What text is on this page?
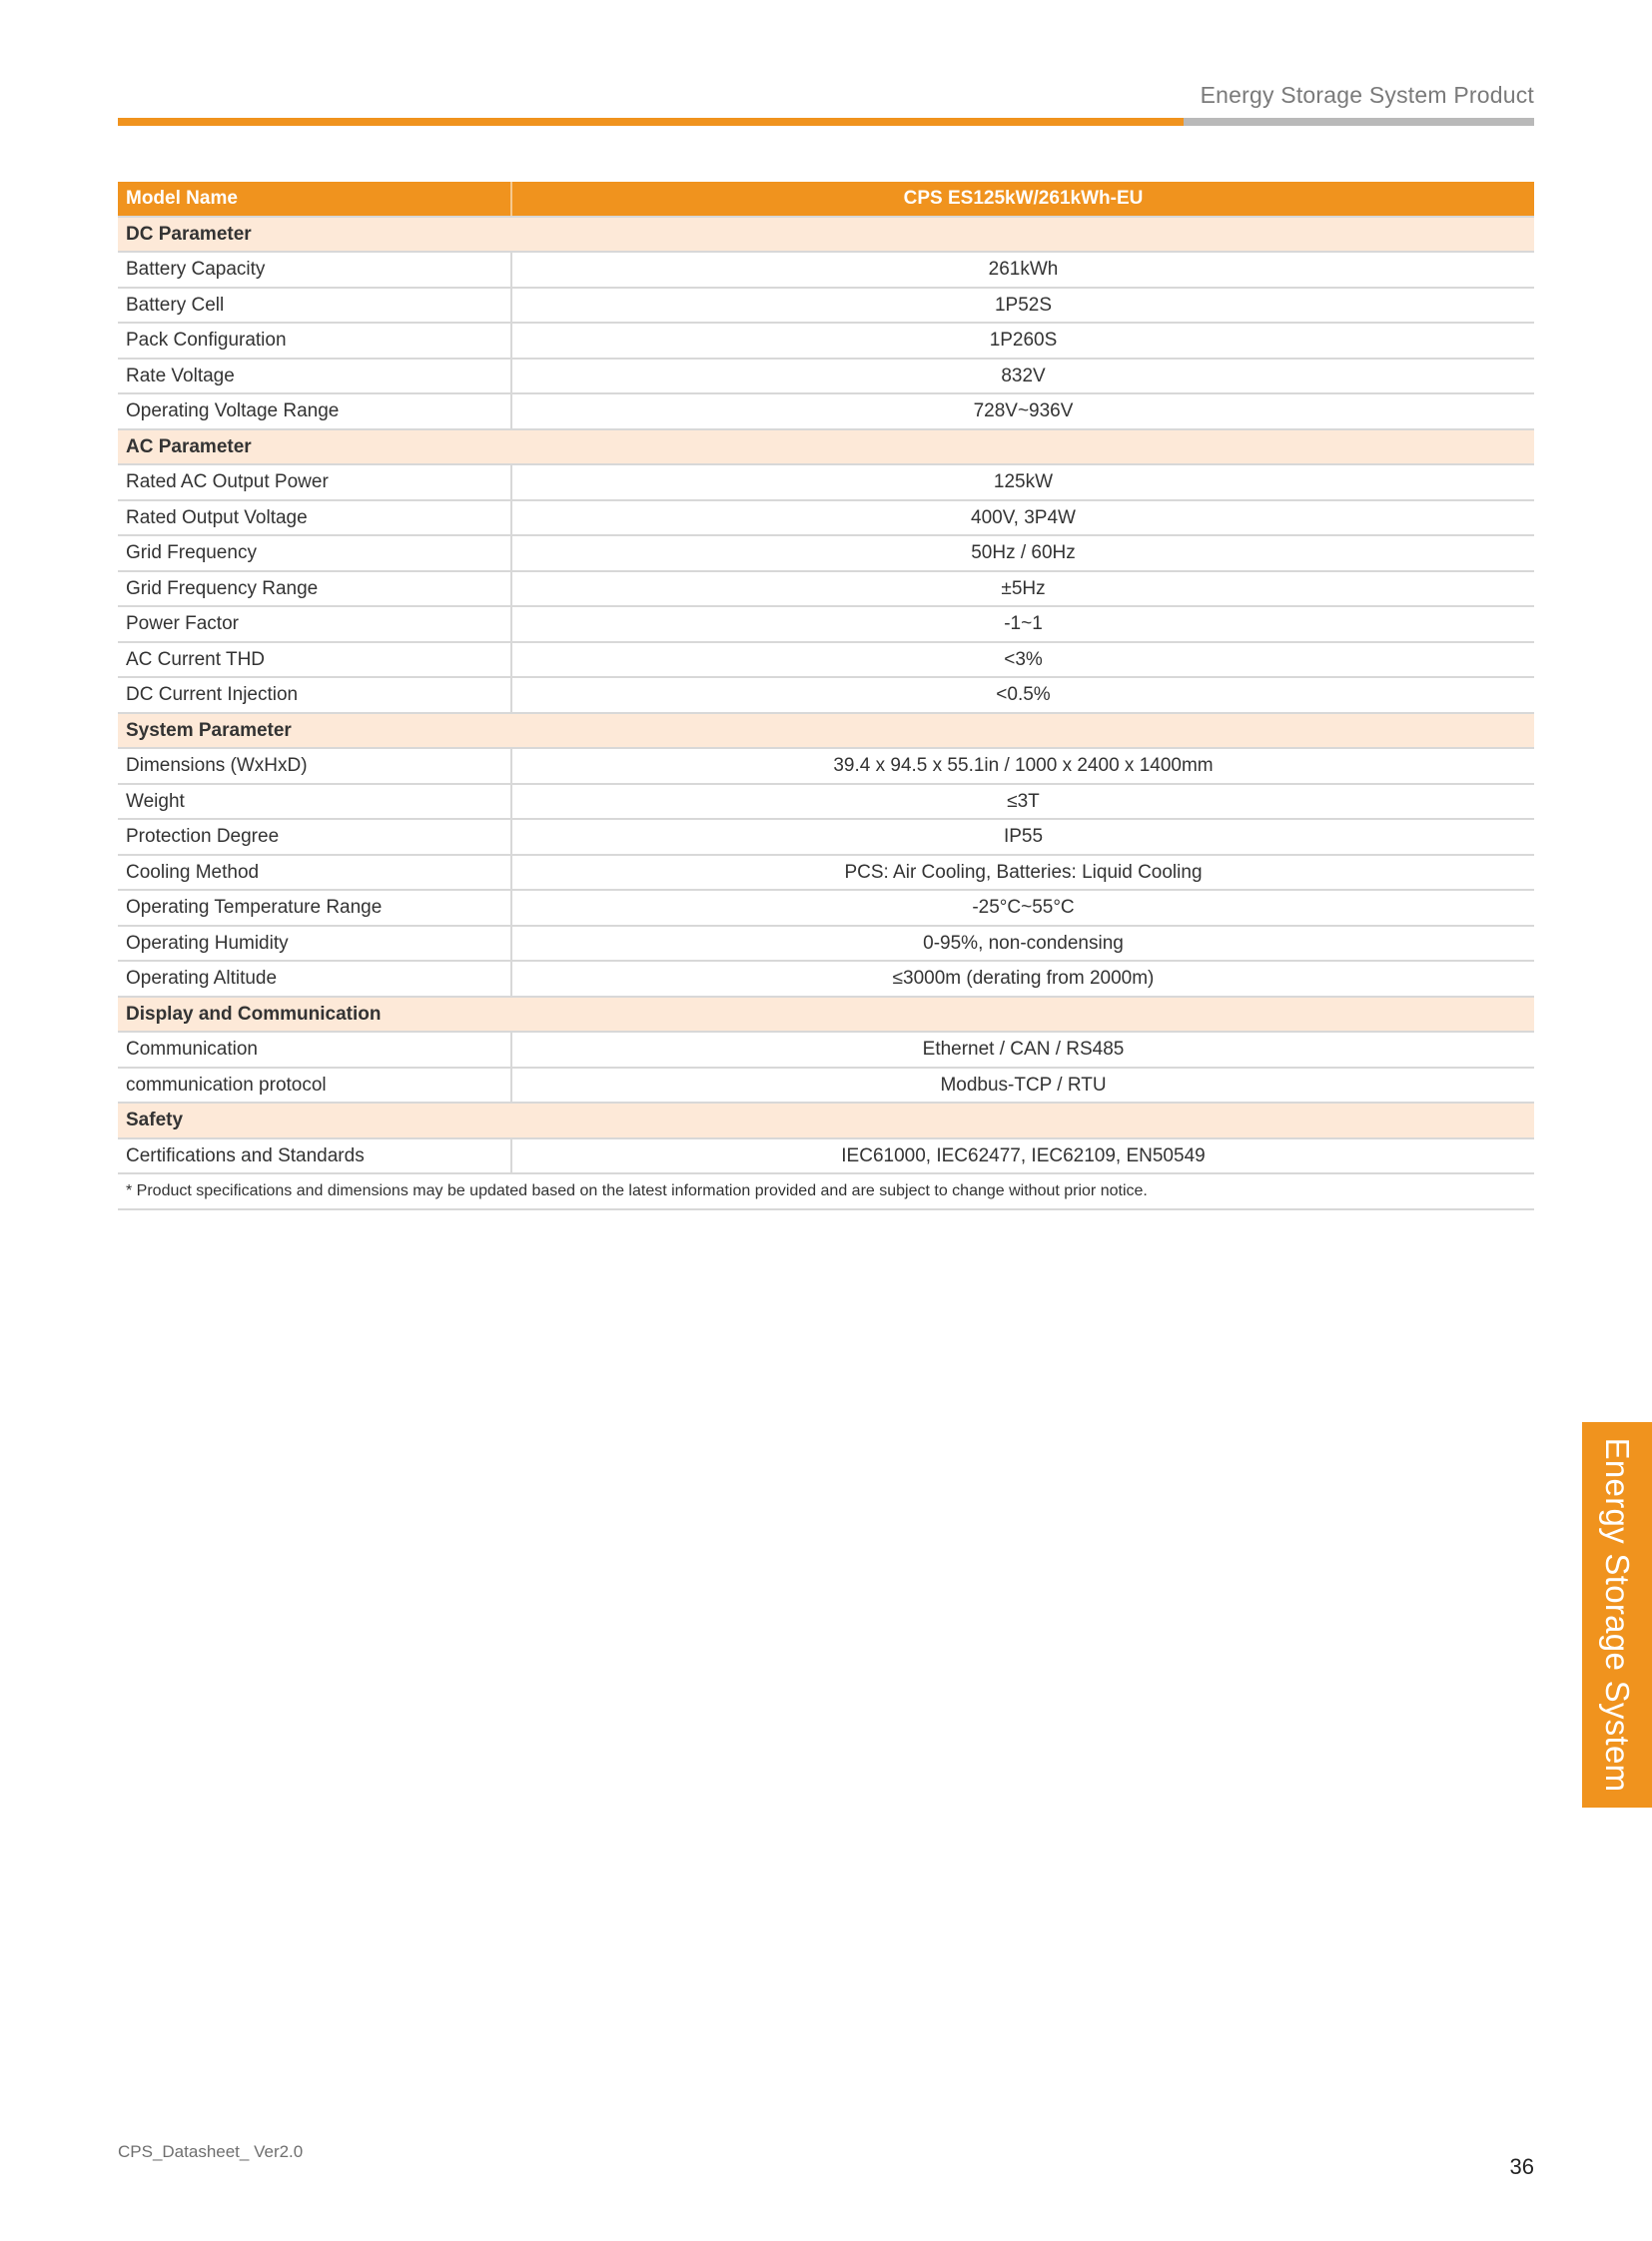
Energy Storage System Product
Model Name	CPS ES125kW/261kWh-EU
DC Parameter	
Battery Capacity	261kWh
Battery Cell	1P52S
Pack Configuration	1P260S
Rate Voltage	832V
Operating Voltage Range	728V~936V
AC Parameter	
Rated AC Output Power	125kW
Rated Output Voltage	400V, 3P4W
Grid Frequency	50Hz / 60Hz
Grid Frequency Range	±5Hz
Power Factor	-1~1
AC Current THD	<3%
DC Current Injection	<0.5%
System Parameter	
Dimensions (WxHxD)	39.4 x 94.5 x 55.1in / 1000 x 2400 x 1400mm
Weight	≤3T
Protection Degree	IP55
Cooling Method	PCS: Air Cooling, Batteries: Liquid Cooling
Operating Temperature Range	-25°C~55°C
Operating Humidity	0-95%, non-condensing
Operating Altitude	≤3000m (derating from 2000m)
Display and Communication	
Communication	Ethernet / CAN / RS485
communication protocol	Modbus-TCP / RTU
Safety	
Certifications and Standards	IEC61000, IEC62477, IEC62109, EN50549
* Product specifications and dimensions may be updated based on the latest information provided and are subject to change without prior notice.	
Energy Storage System
CPS_Datasheet_ Ver2.0
36
